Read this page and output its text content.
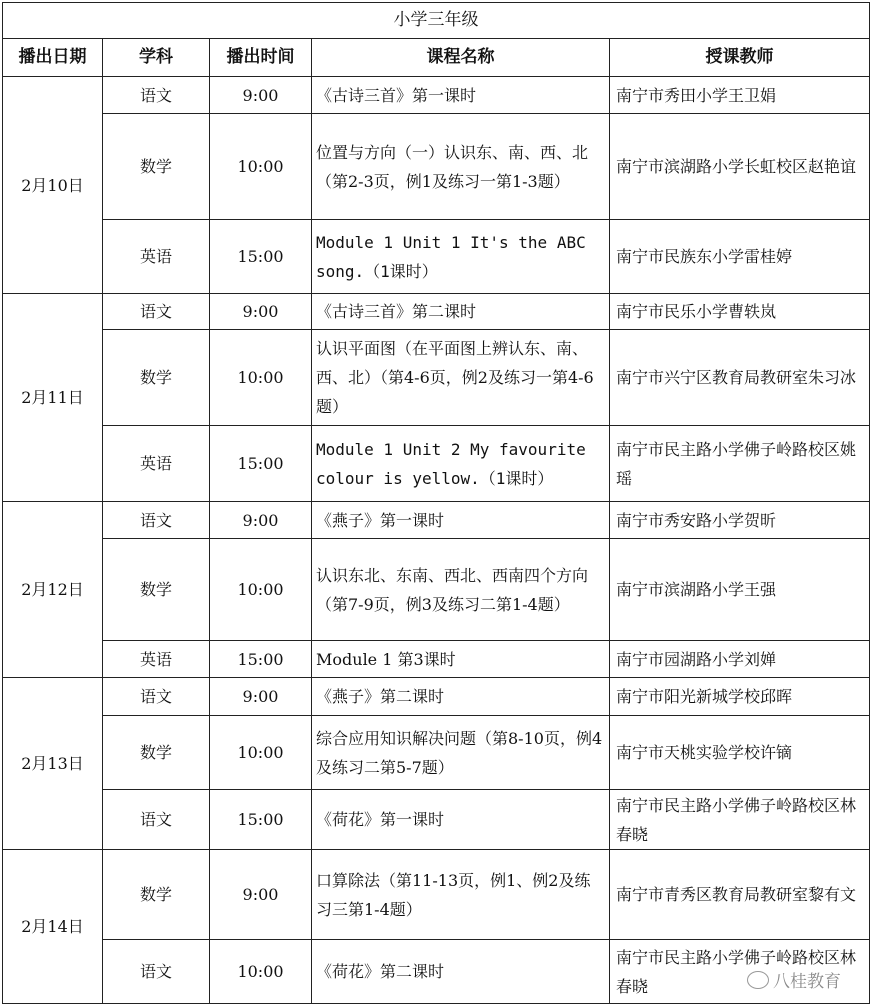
小学三年级				
播出日期	学科	播出时间	课程名称	授课教师
2月10日	语文	9:00	《古诗三首》第一课时	南宁市秀田小学王卫娟
	数学	10:00	位置与方向（一）认识东、南、西、北（第2-3页，例1及练习一第1-3题）	南宁市滨湖路小学长虹校区赵艳谊
	英语	15:00	Module 1 Unit 1 It's the ABC song.（1课时）	南宁市民族东小学雷桂婷
2月11日	语文	9:00	《古诗三首》第二课时	南宁市民乐小学曹轶岚
	数学	10:00	认识平面图（在平面图上辨认东、南、西、北）（第4-6页，例2及练习一第4-6题）	南宁市兴宁区教育局教研室朱习冰
	英语	15:00	Module 1 Unit 2 My favourite colour is yellow.（1课时）	南宁市民主路小学佛子岭路校区姚瑶
2月12日	语文	9:00	《燕子》第一课时	南宁市秀安路小学贺昕
	数学	10:00	认识东北、东南、西北、西南四个方向（第7-9页，例3及练习二第1-4题）	南宁市滨湖路小学王强
	英语	15:00	Module 1 第3课时	南宁市园湖路小学刘婵
2月13日	语文	9:00	《燕子》第二课时	南宁市阳光新城学校邱晖
	数学	10:00	综合应用知识解决问题（第8-10页，例4及练习二第5-7题）	南宁市天桃实验学校许镝
	语文	15:00	《荷花》第一课时	南宁市民主路小学佛子岭路校区林春晓
2月14日	数学	9:00	口算除法（第11-13页，例1、例2及练习三第1-4题）	南宁市青秀区教育局教研室黎有文
	语文	10:00	《荷花》第二课时	南宁市民主路小学佛子岭路校区林春晓	八桂教育
